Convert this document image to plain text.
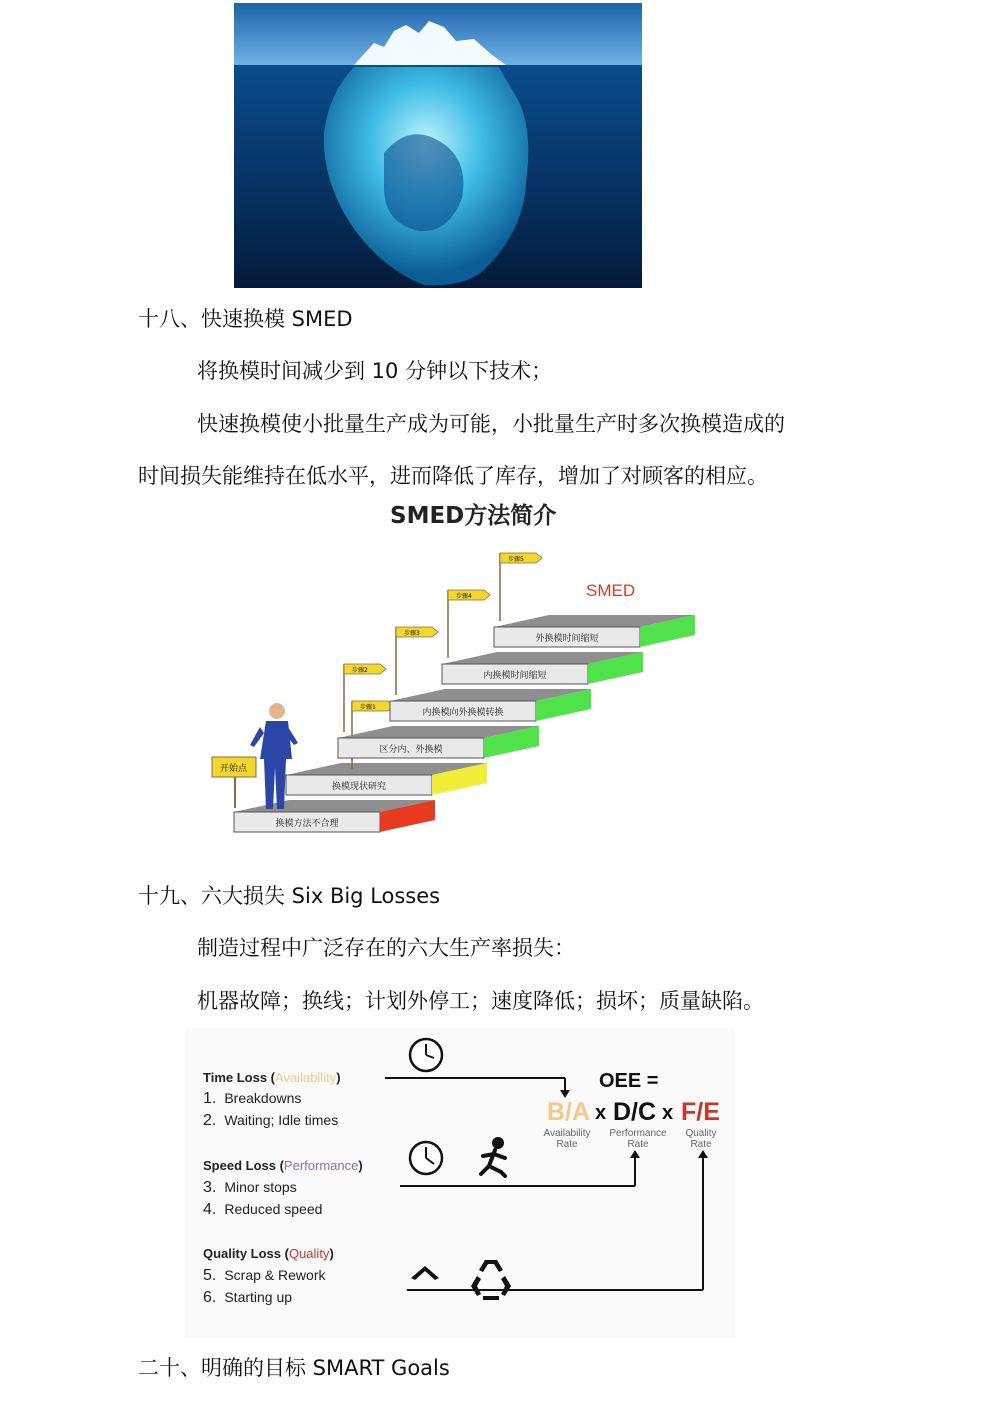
十八、快速换模 SMED
将换模时间减少到 10 分钟以下技术；
快速换模使小批量生产成为可能，小批量生产时多次换模造成的
时间损失能维持在低水平，进而降低了库存，增加了对顾客的相应。
SMED方法简介
SMED
换模方法不合理
换模现状研究
步骤1
区分内、外换模
步骤2
内换模向外换模转换
步骤3
内换模时间缩短
步骤4
外换模时间缩短
步骤5
开始点
十九、六大损失 Six Big Losses
制造过程中广泛存在的六大生产率损失：
机器故障；换线；计划外停工；速度降低；损坏；质量缺陷。
Time Loss (Availability)
1. Breakdowns
2. Waiting; Idle times
Speed Loss (Performance)
3. Minor stops
4. Reduced speed
Quality Loss (Quality)
5. Scrap & Rework
6. Starting up
OEE =
B/A x D/C x F/E
Availability
Rate
Performance
Rate
Quality
Rate
二十、明确的目标 SMART Goals
